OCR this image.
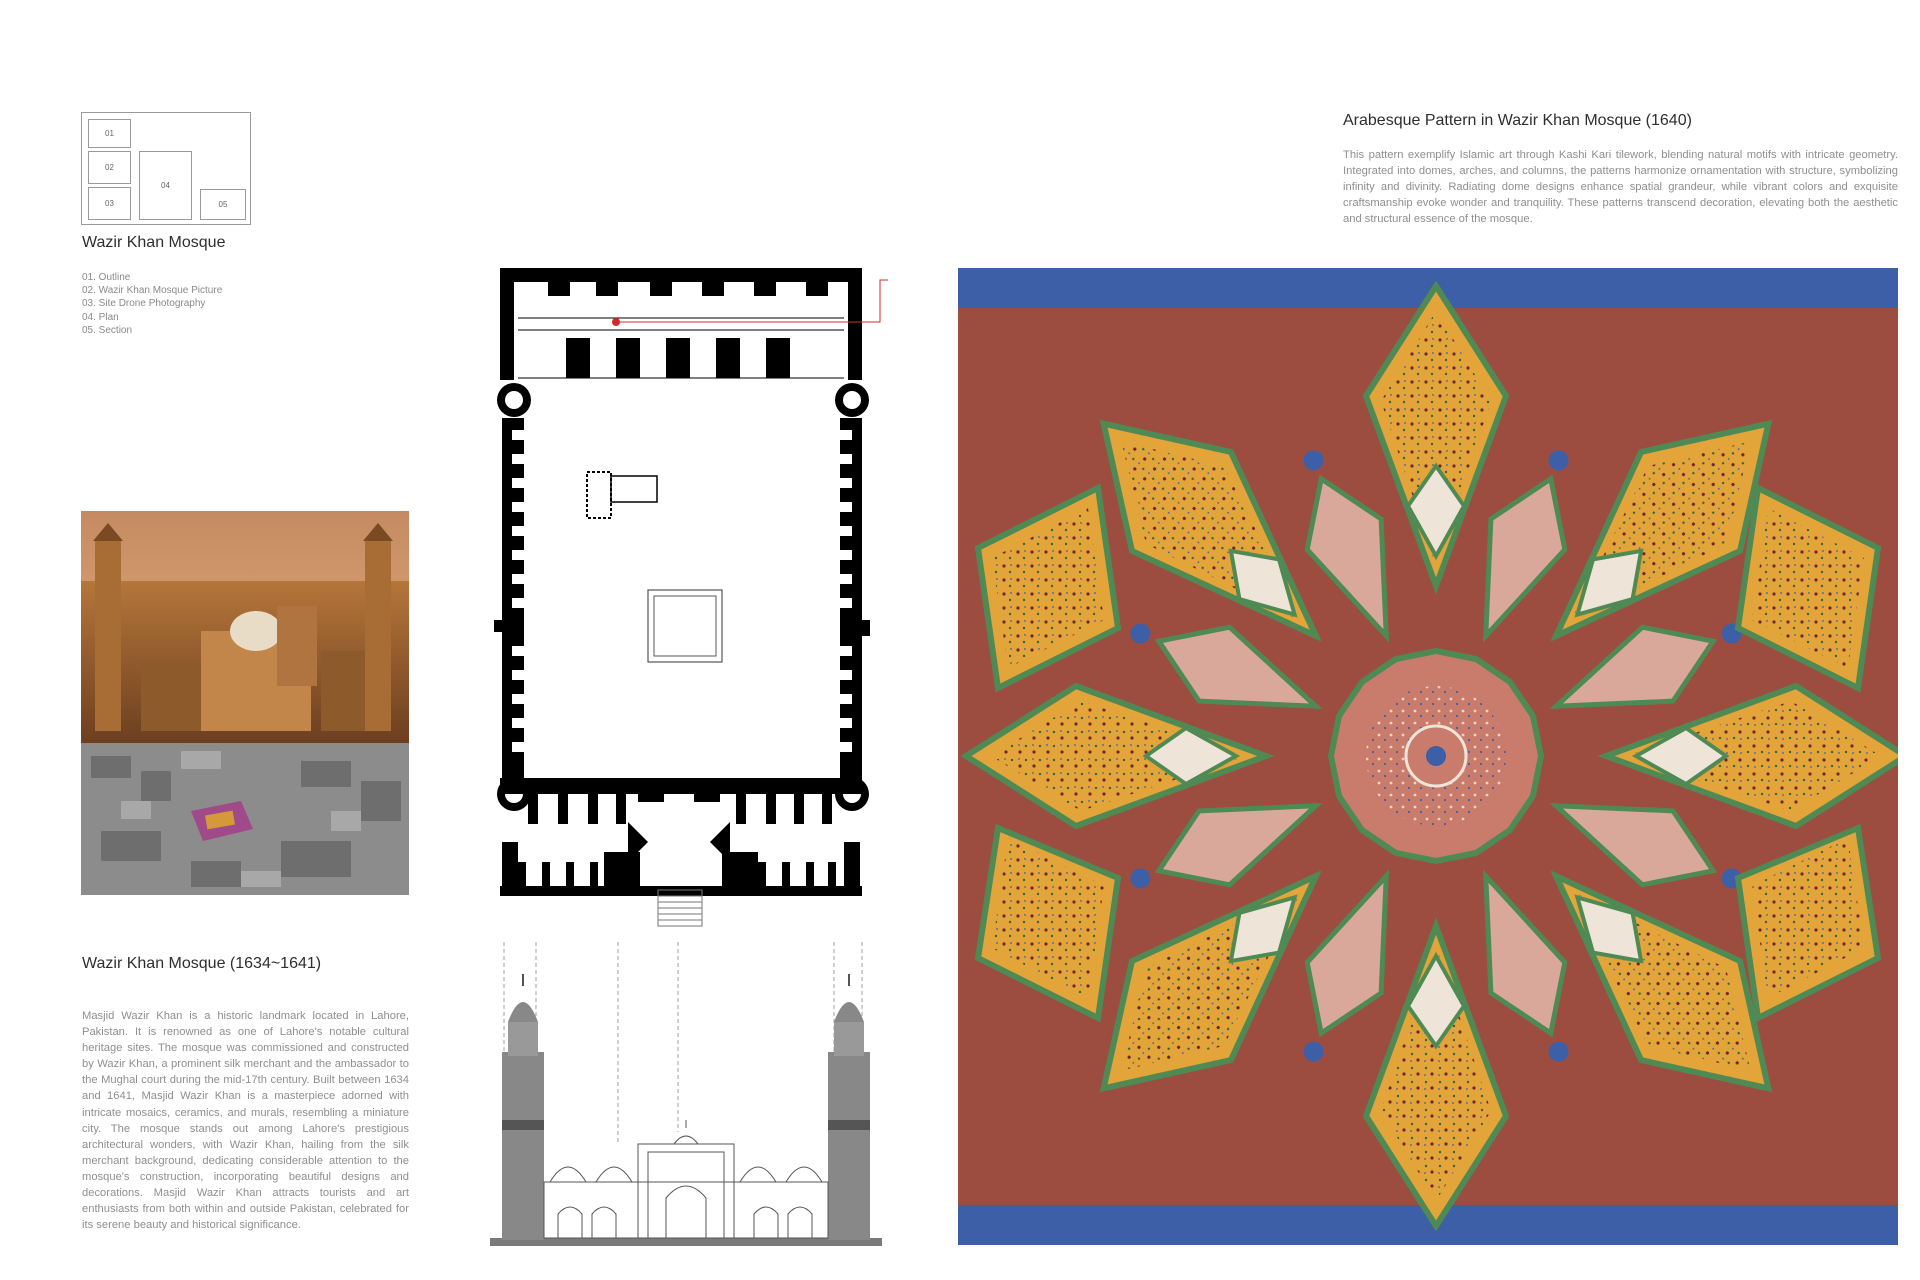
01
02
03
04
05
Wazir Khan Mosque
01. Outline
02. Wazir Khan Mosque Picture
03. Site Drone Photography
04. Plan
05. Section
Wazir Khan Mosque (1634~1641)

Masjid Wazir Khan is a historic landmark located in Lahore, Pakistan. It is renowned as one of Lahore's notable cultural heritage sites. The mosque was commissioned and constructed by Wazir Khan, a prominent silk merchant and the ambassador to the Mughal court during the mid-17th century. Built between 1634 and 1641, Masjid Wazir Khan is a masterpiece adorned with intricate mosaics, ceramics, and murals, resembling a miniature city. The mosque stands out among Lahore's prestigious architectural wonders, with Wazir Khan, hailing from the silk merchant background, dedicating considerable attention to the mosque's construction, incorporating beautiful designs and decorations. Masjid Wazir Khan attracts tourists and art enthusiasts from both within and outside Pakistan, celebrated for its serene beauty and historical significance.

Arabesque Pattern in Wazir Khan Mosque (1640)

This pattern exemplify Islamic art through Kashi Kari tilework, blending natural motifs with intricate geometry. Integrated into domes, arches, and columns, the patterns harmonize ornamentation with structure, symbolizing infinity and divinity. Radiating dome designs enhance spatial grandeur, while vibrant colors and exquisite craftsmanship evoke wonder and tranquility. These patterns transcend decoration, elevating both the aesthetic and structural essence of the mosque.
